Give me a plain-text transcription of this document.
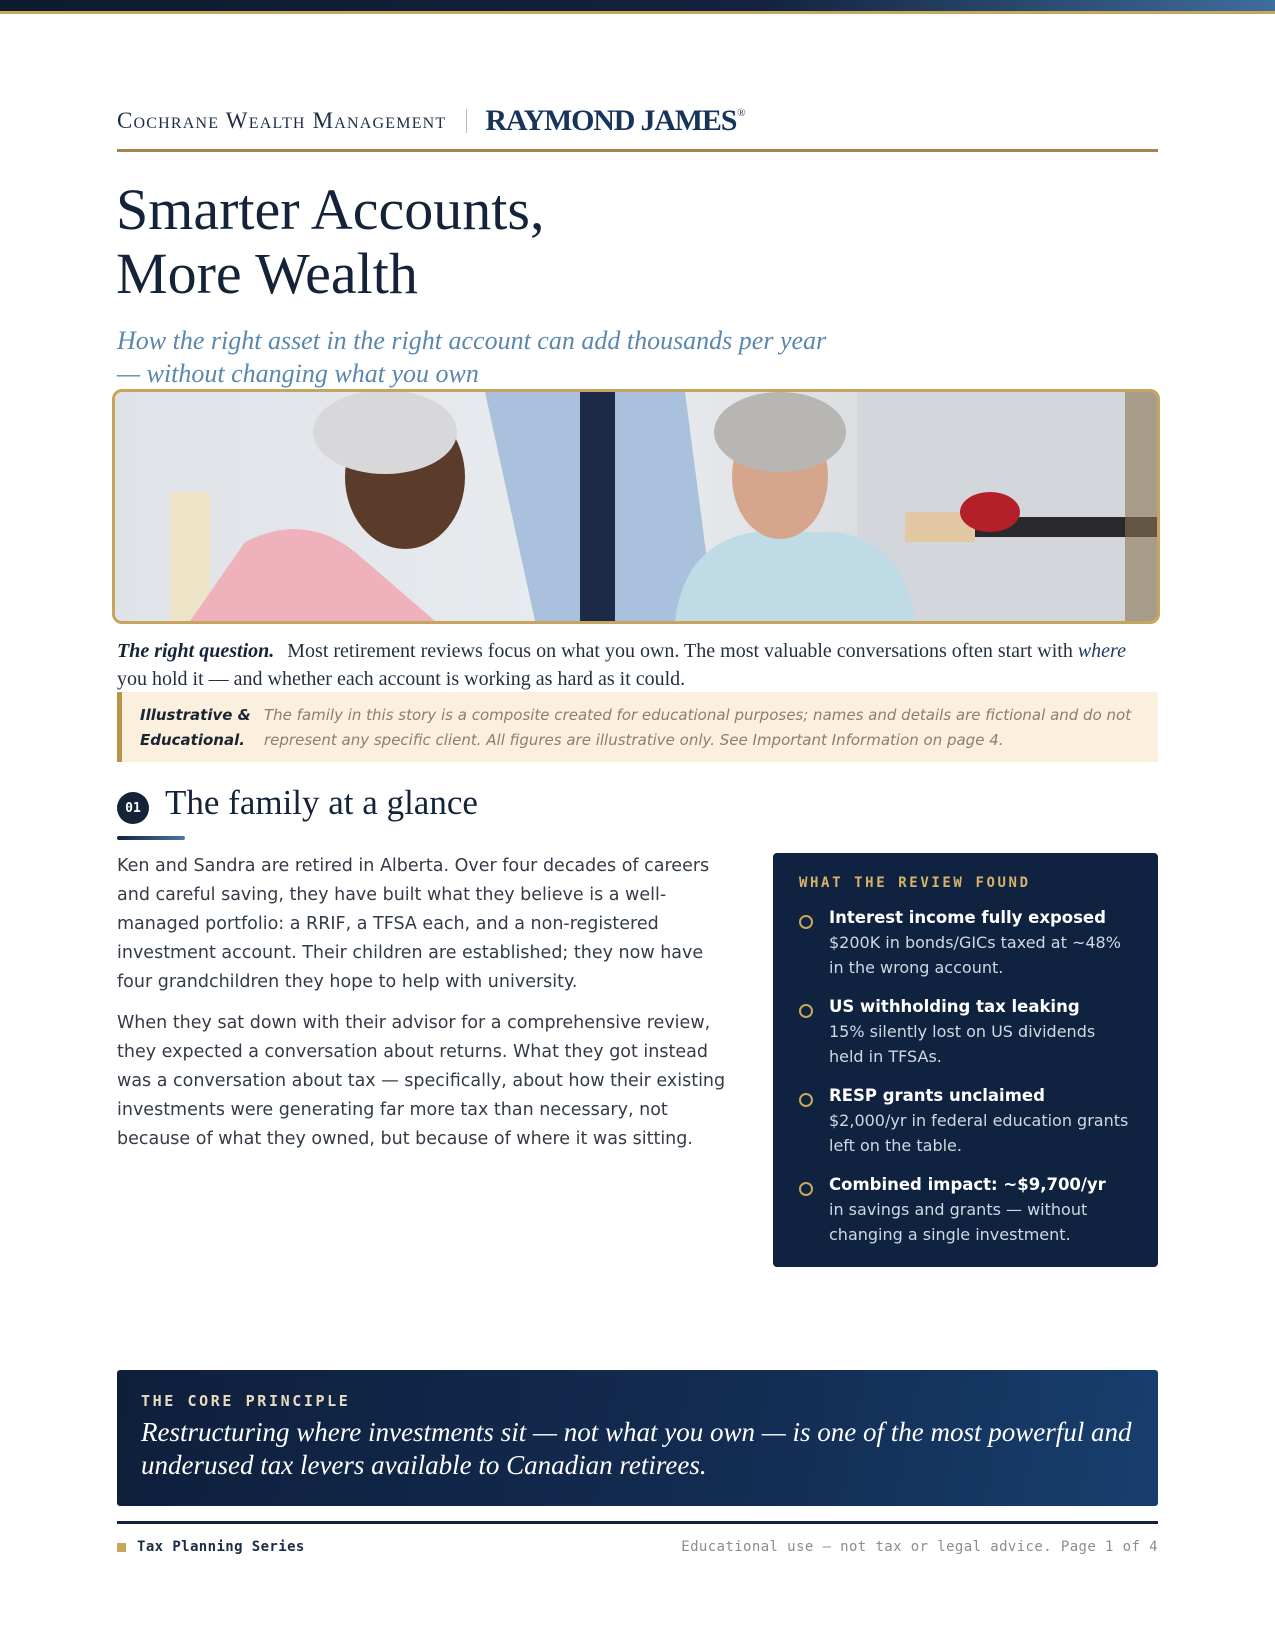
Cochrane Wealth Management RAYMOND JAMES®
Smarter Accounts,
More Wealth

How the right asset in the right account can add thousands per year
— without changing what you own

The right question. Most retirement reviews focus on what you own. The most valuable conversations often start with where you hold it — and whether each account is working as hard as it could.

Illustrative &
Educational.
The family in this story is a composite created for educational purposes; names and details are fictional and do not represent any specific client. All figures are illustrative only. See Important Information on page 4.
01 The family at a glance

Ken and Sandra are retired in Alberta. Over four decades of careers and careful saving, they have built what they believe is a well-managed portfolio: a RRIF, a TFSA each, and a non-registered investment account. Their children are established; they now have four grandchildren they hope to help with university.

When they sat down with their advisor for a comprehensive review, they expected a conversation about returns. What they got instead was a conversation about tax — specifically, about how their existing investments were generating far more tax than necessary, not because of what they owned, but because of where it was sitting.

WHAT THE REVIEW FOUND
Interest income fully exposed
$200K in bonds/GICs taxed at ~48% in the wrong account.
US withholding tax leaking
15% silently lost on US dividends held in TFSAs.
RESP grants unclaimed
$2,000/yr in federal education grants left on the table.
Combined impact: ~$9,700/yr
in savings and grants — without changing a single investment.
THE CORE PRINCIPLE
Restructuring where investments sit — not what you own — is one of the most powerful and underused tax levers available to Canadian retirees.
Tax Planning Series	Educational use — not tax or legal advice. Page 1 of 4
